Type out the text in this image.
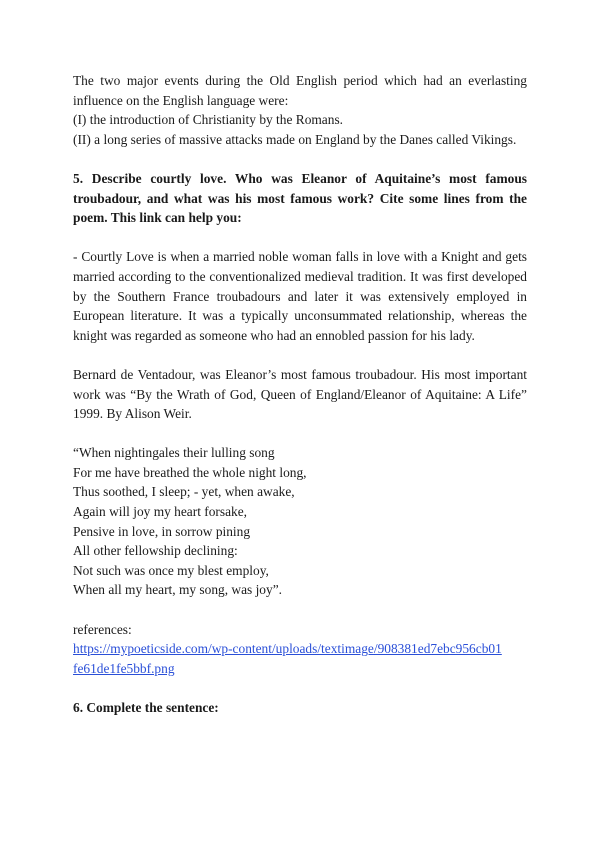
The two major events during the Old English period which had an everlasting influence on the English language were:

(I) the introduction of Christianity by the Romans.

(II) a long series of massive attacks made on England by the Danes called Vikings.

5. Describe courtly love. Who was Eleanor of Aquitaine’s most famous troubadour, and what was his most famous work? Cite some lines from the poem. This link can help you:

- Courtly Love is when a married noble woman falls in love with a Knight and gets married according to the conventionalized medieval tradition. It was first developed by the Southern France troubadours and later it was extensively employed in European literature. It was a typically unconsummated relationship, whereas the knight was regarded as someone who had an ennobled passion for his lady.

Bernard de Ventadour, was Eleanor’s most famous troubadour. His most important work was “By the Wrath of God, Queen of England/Eleanor of Aquitaine: A Life” 1999. By Alison Weir.

“When nightingales their lulling song
For me have breathed the whole night long,
Thus soothed, I sleep; - yet, when awake,
Again will joy my heart forsake,
Pensive in love, in sorrow pining
All other fellowship declining:
Not such was once my blest employ,
When all my heart, my song, was joy”.

references:

https://mypoeticside.com/wp-content/uploads/textimage/908381ed7ebc956cb01
fe61de1fe5bbf.png

6. Complete the sentence:
